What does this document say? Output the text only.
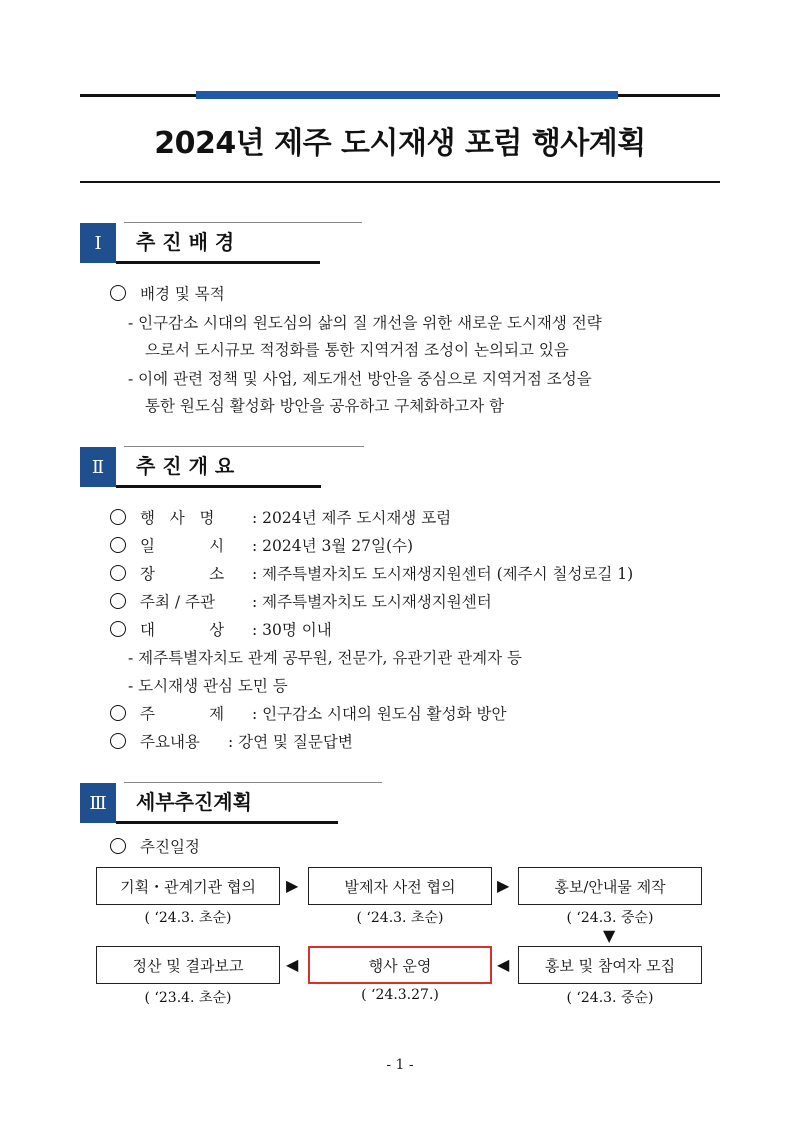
2024년 제주 도시재생 포럼 행사계획
Ⅰ	추 진 배 경
배경 및 목적
- 인구감소 시대의 원도심의 삶의 질 개선을 위한 새로운 도시재생 전략
으로서 도시규모 적정화를 통한 지역거점 조성이 논의되고 있음
- 이에 관련 정책 및 사업, 제도개선 방안을 중심으로 지역거점 조성을
통한 원도심 활성화 방안을 공유하고 구체화하고자 함
Ⅱ	추 진 개 요
행   사   명 : 2024년 제주 도시재생 포럼
일           시 : 2024년 3월 27일(수)
장           소 : 제주특별자치도 도시재생지원센터 (제주시 칠성로길 1)
주최 / 주관 : 제주특별자치도 도시재생지원센터
대           상 : 30명 이내
- 제주특별자치도 관계 공무원, 전문가, 유관기관 관계자 등
- 도시재생 관심 도민 등
주           제 : 인구감소 시대의 원도심 활성화 방안
주요내용 : 강연 및 질문답변
Ⅲ	세부추진계획
추진일정
기획・관계기관 협의	▶	발제자 사전 협의	▶	홍보/안내물 제작
( ‘24.3. 초순)	( ‘24.3. 초순)	( ‘24.3. 중순)
▼
정산 및 결과보고	◀	행사 운영	◀	홍보 및 참여자 모집
( ‘23.4. 초순)	( ‘24.3.27.)	( ‘24.3. 중순)
- 1 -
